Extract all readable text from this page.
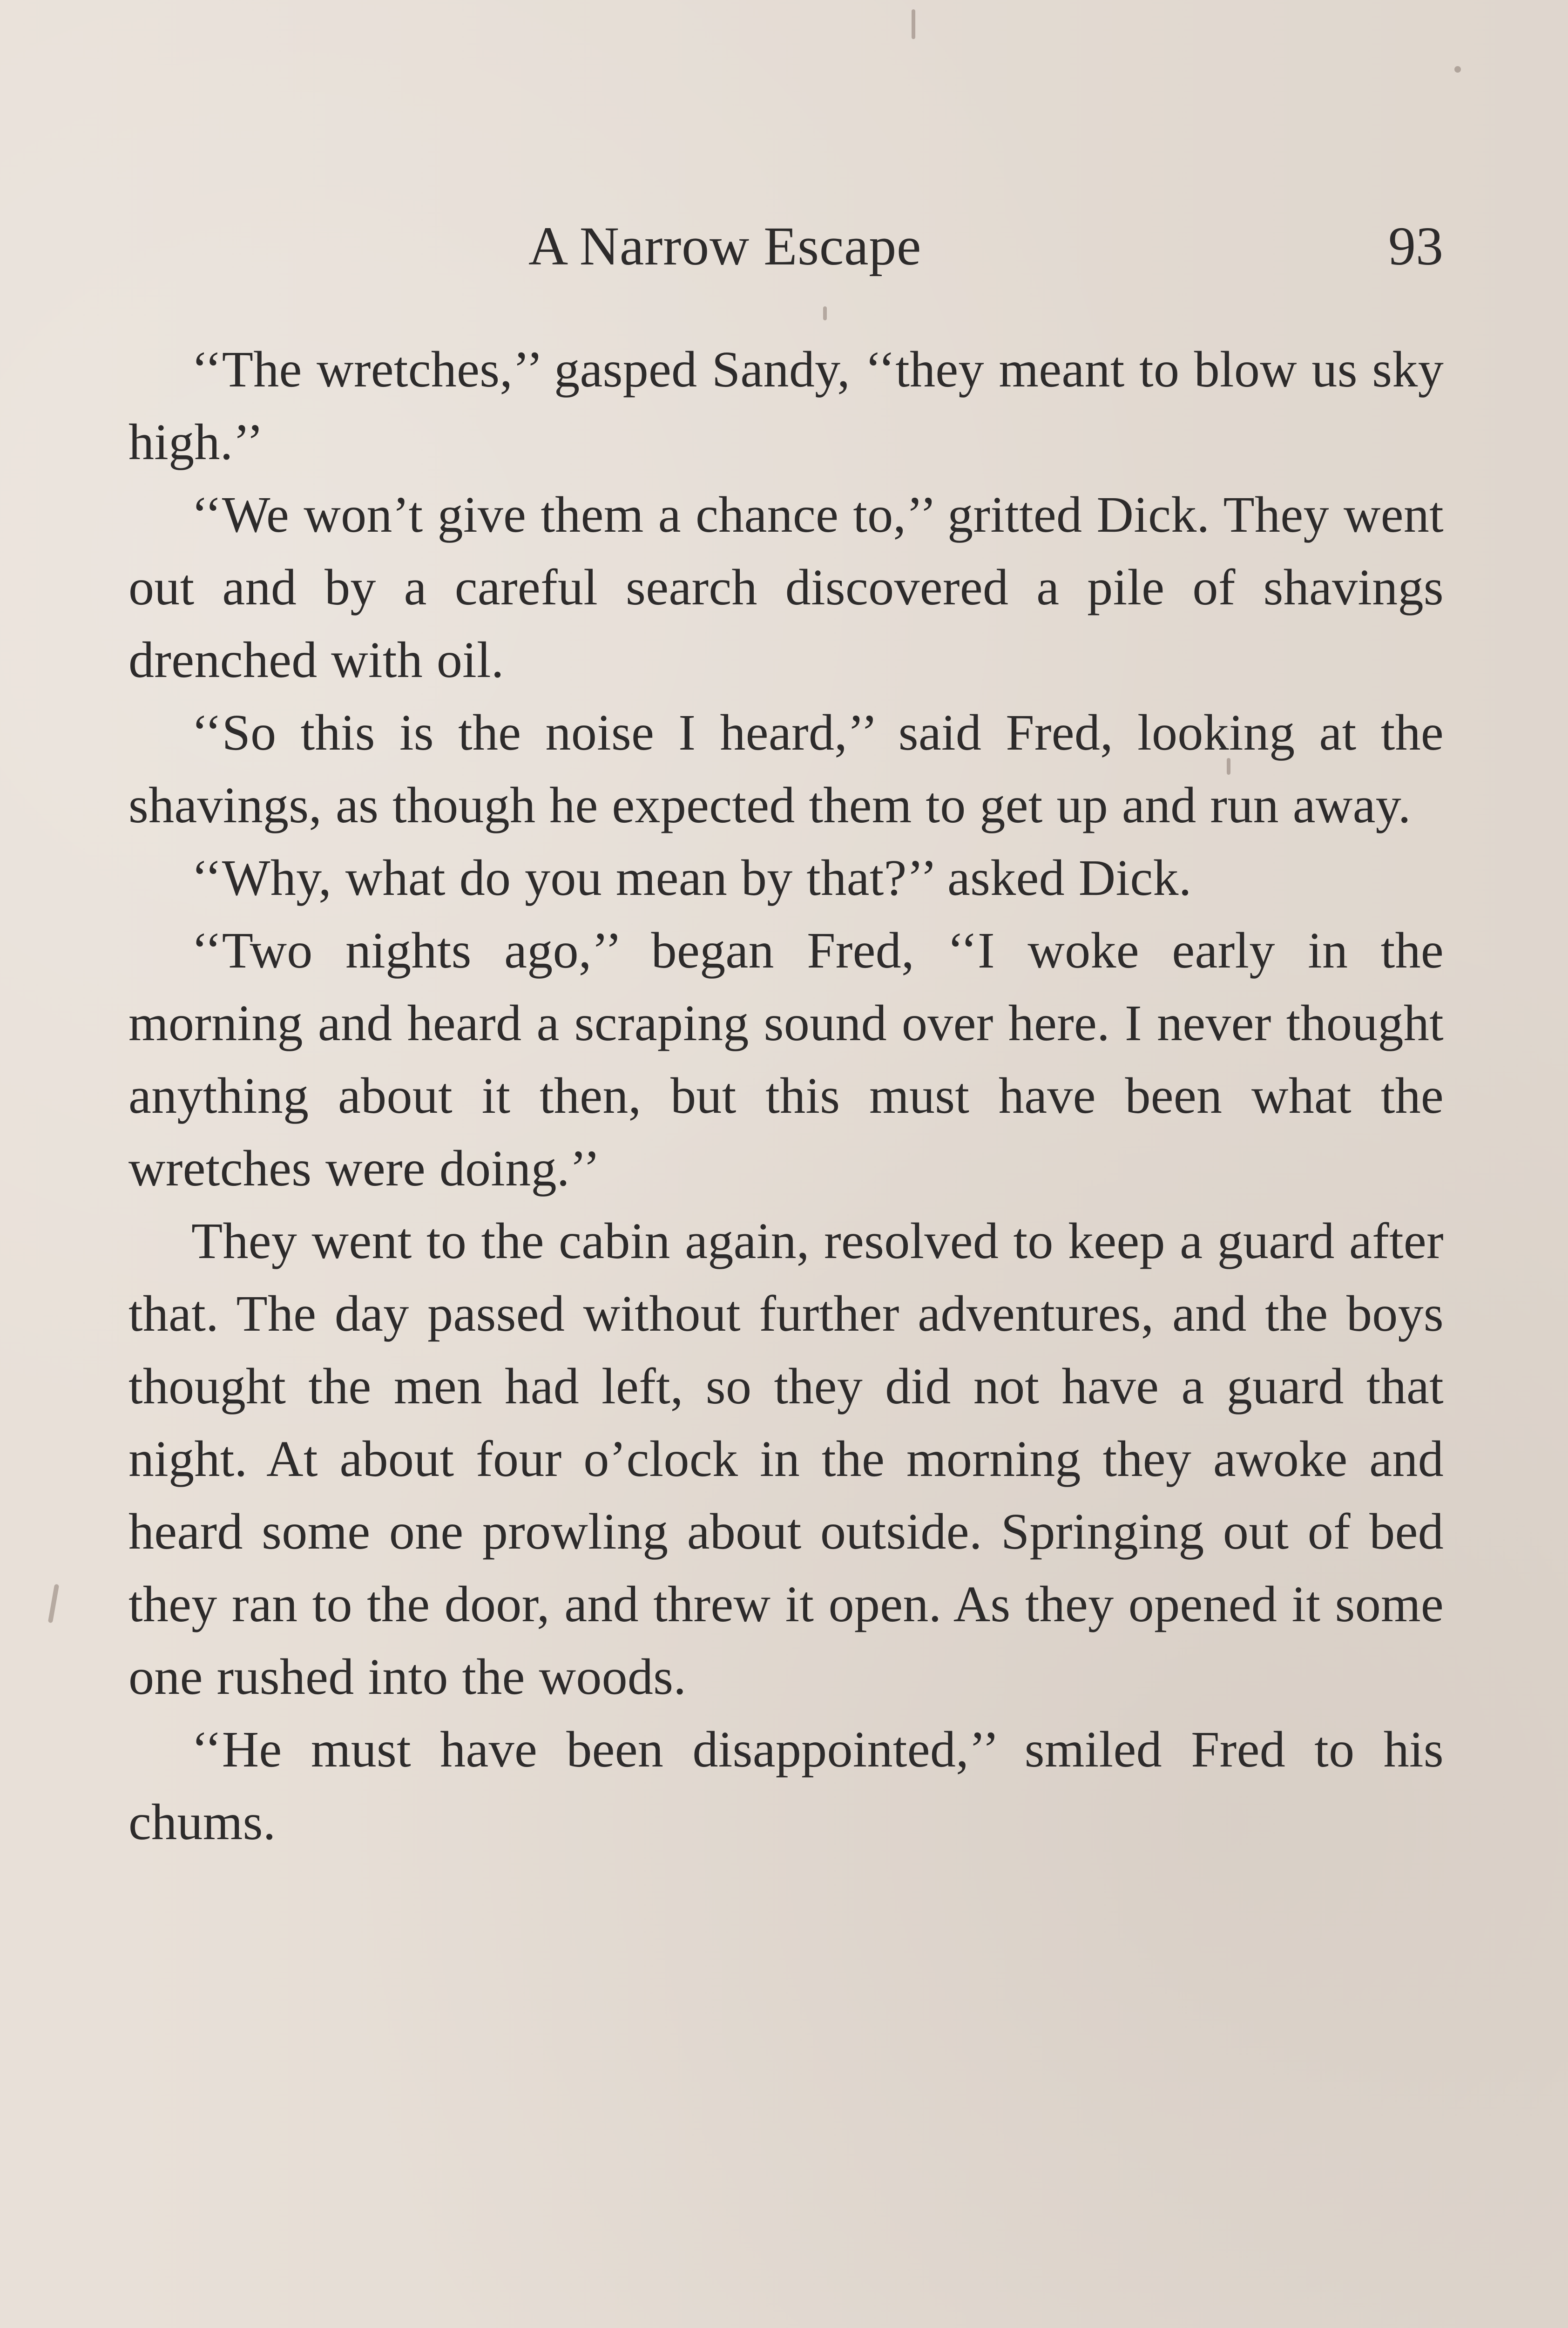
A Narrow Escape	93

‘‘The wretches,’’ gasped Sandy, ‘‘they meant to blow us sky high.’’

‘‘We won’t give them a chance to,’’ gritted Dick. They went out and by a careful search discovered a pile of shavings drenched with oil.

‘‘So this is the noise I heard,’’ said Fred, looking at the shavings, as though he expected them to get up and run away.

‘‘Why, what do you mean by that?’’ asked Dick.

‘‘Two nights ago,’’ began Fred, ‘‘I woke early in the morning and heard a scraping sound over here. I never thought anything about it then, but this must have been what the wretches were doing.’’

They went to the cabin again, resolved to keep a guard after that. The day passed without further adventures, and the boys thought the men had left, so they did not have a guard that night. At about four o’clock in the morning they awoke and heard some one prowling about outside. Springing out of bed they ran to the door, and threw it open. As they opened it some one rushed into the woods.

‘‘He must have been disappointed,’’ smiled Fred to his chums.
